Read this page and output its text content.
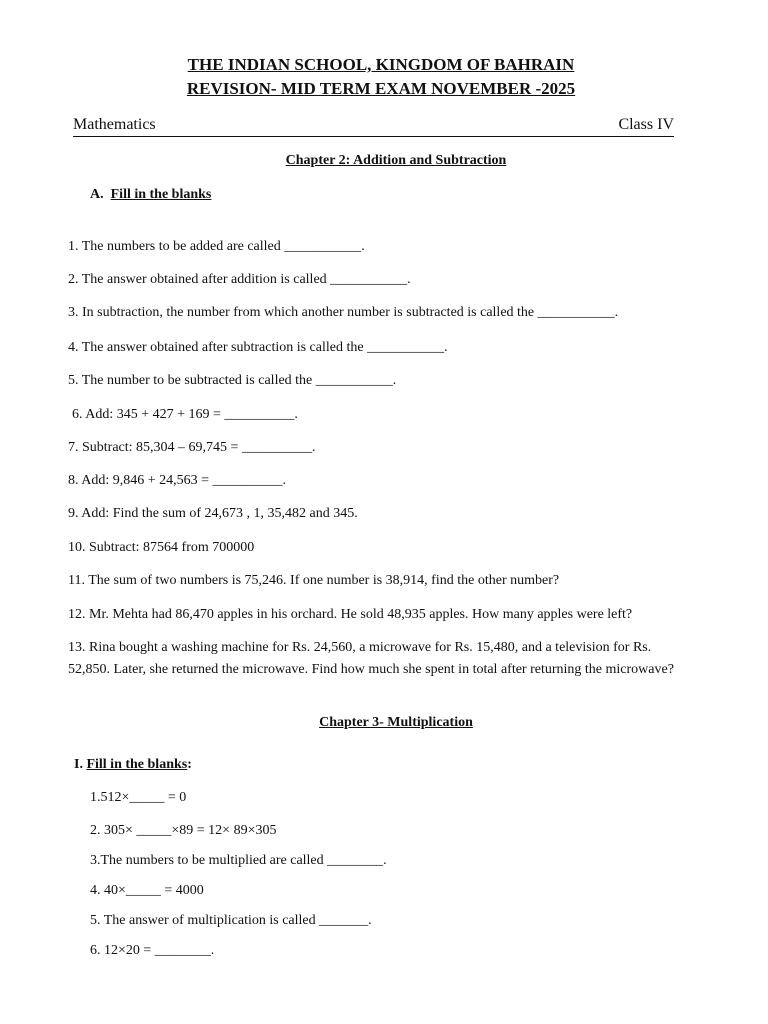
THE INDIAN SCHOOL, KINGDOM OF BAHRAIN
REVISION- MID TERM EXAM NOVEMBER -2025
Mathematics	Class IV
Chapter 2: Addition and Subtraction
A. Fill in the blanks
1. The numbers to be added are called ___________.
2. The answer obtained after addition is called ___________.
3. In subtraction, the number from which another number is subtracted is called the ___________.
4. The answer obtained after subtraction is called the ___________.
5. The number to be subtracted is called the ___________.
6. Add: 345 + 427 + 169 = __________.
7. Subtract: 85,304 – 69,745 = __________.
8. Add: 9,846 + 24,563 = __________.
9. Add: Find the sum of 24,673 , 1, 35,482 and 345.
10. Subtract: 87564 from 700000
11. The sum of two numbers is 75,246. If one number is 38,914, find the other number?
12. Mr. Mehta had 86,470 apples in his orchard. He sold 48,935 apples. How many apples were left?
13. Rina bought a washing machine for Rs. 24,560, a microwave for Rs. 15,480, and a television for Rs. 52,850. Later, she returned the microwave. Find how much she spent in total after returning the microwave?
Chapter 3- Multiplication
I. Fill in the blanks:
1.512×_____ = 0
2. 305× _____×89 = 12× 89×305
3.The numbers to be multiplied are called ________.
4. 40×_____ = 4000
5. The answer of multiplication is called _______.
6. 12×20 = ________.
